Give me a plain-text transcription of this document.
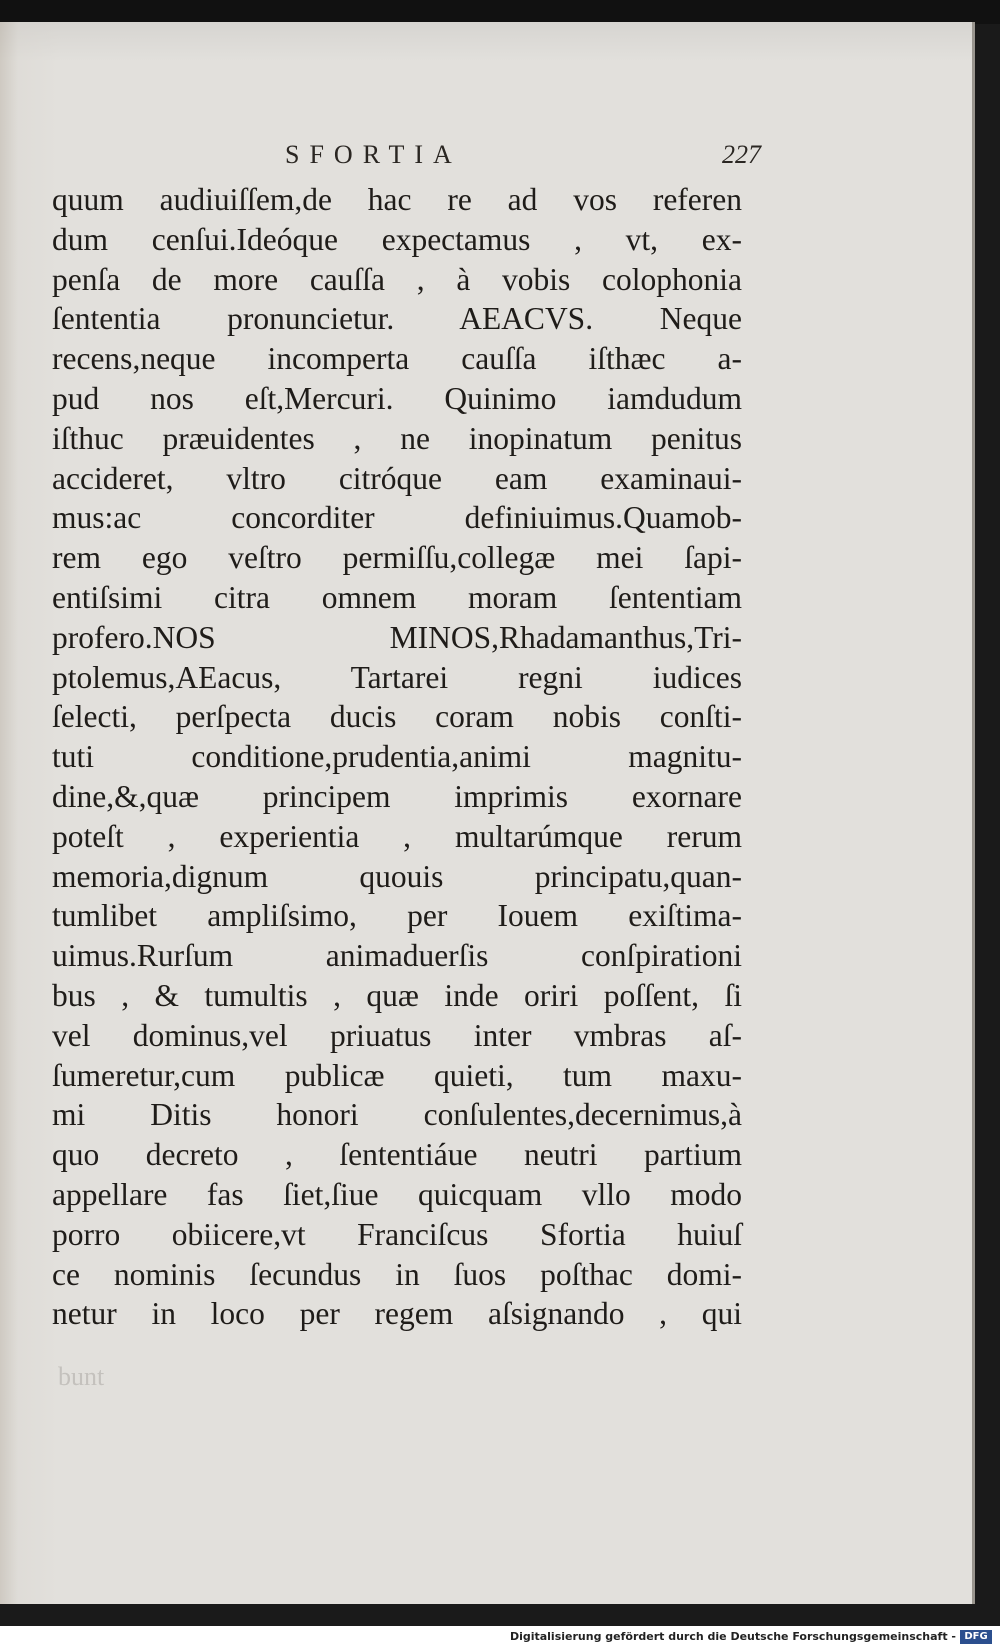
SFORTIA	227
quum audiuiſſem,de hac re ad vos referen
dum cenſui.Ideóque expectamus , vt, ex-
penſa de more cauſſa , à vobis colophonia
ſententia pronuncietur. AEACVS. Neque
recens,neque incomperta cauſſa iſthæc a-
pud nos eſt,Mercuri. Quinimo iamdudum
iſthuc præuidentes , ne inopinatum penitus
accideret, vltro citróque eam examinaui-
mus:ac concorditer definiuimus.Quamob-
rem ego veſtro permiſſu,collegæ mei ſapi-
entiſsimi citra omnem moram ſententiam
profero.NOS MINOS,Rhadamanthus,Tri-
ptolemus,AEacus, Tartarei regni iudices
ſelecti, perſpecta ducis coram nobis conſti-
tuti conditione,prudentia,animi magnitu-
dine,&,quæ principem imprimis exornare
poteſt , experientia , multarúmque rerum
memoria,dignum quouis principatu,quan-
tumlibet ampliſsimo, per Iouem exiſtima-
uimus.Rurſum animaduerſis conſpirationi
bus , & tumultis , quæ inde oriri poſſent, ſi
vel dominus,vel priuatus inter vmbras aſ-
ſumeretur,cum publicæ quieti, tum maxu-
mi Ditis honori conſulentes,decernimus,à
quo decreto , ſententiáue neutri partium
appellare fas ſiet,ſiue quicquam vllo modo
porro obiicere,vt Franciſcus Sfortia huiuſ
ce nominis ſecundus in ſuos poſthac domi-
netur in loco per regem aſsignando , qui
bunt
Digitalisierung gefördert durch die Deutsche Forschungsgemeinschaft - DFG
